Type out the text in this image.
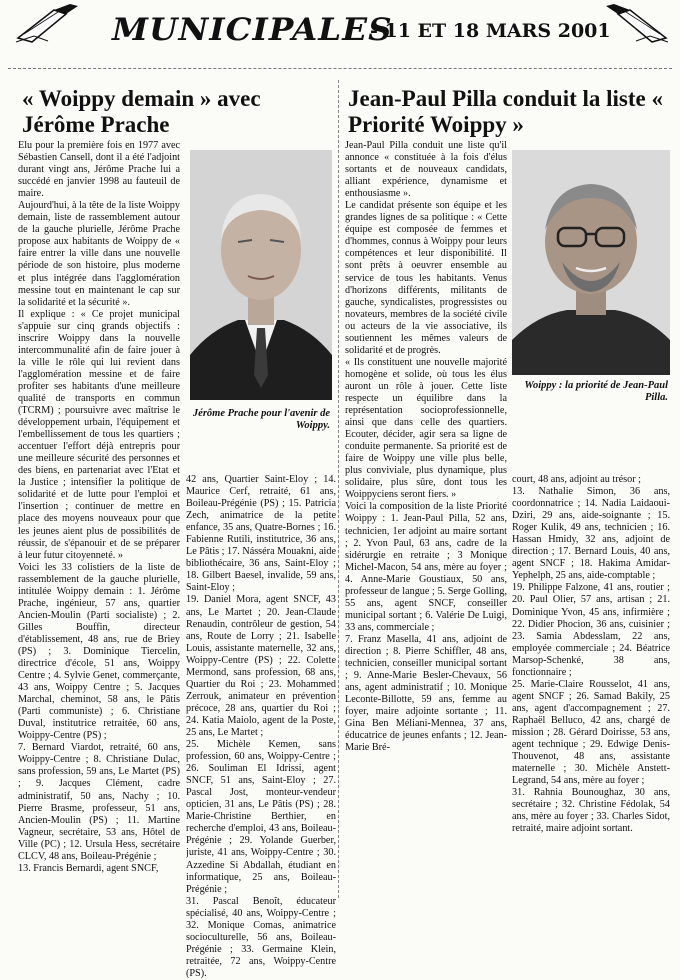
MUNICIPALES
- 11 ET 18 MARS 2001
« Woippy demain » avec Jérôme Prache
Elu pour la première fois en 1977 avec Sébastien Cansell, dont il a été l'adjoint durant vingt ans, Jérôme Prache lui a succédé en janvier 1998 au fauteuil de maire.
Aujourd'hui, à la tête de la liste Woippy demain, liste de rassemblement autour de la gauche plurielle, Jérôme Prache propose aux habitants de Woippy de « faire entrer la ville dans une nouvelle période de son histoire, plus moderne et plus intégrée dans l'agglomération messine tout en maintenant le cap sur la solidarité et la sécurité ».
Il explique : « Ce projet municipal s'appuie sur cinq grands objectifs : inscrire Woippy dans la nouvelle intercommunalité afin de faire jouer à la ville le rôle qui lui revient dans l'agglomération messine et de faire profiter ses habitants d'une meilleure qualité de transports en commun (TCRM) ; poursuivre avec maîtrise le développement urbain, l'équipement et l'embellissement de tous les quartiers ; accentuer l'effort déjà entrepris pour une meilleure sécurité des personnes et des biens, en partenariat avec l'Etat et la Justice ; intensifier la politique de solidarité et de lutte pour l'emploi et l'insertion ; continuer de mettre en place des moyens nouveaux pour que les jeunes aient plus de possibilités de réussir, de s'épanouir et de se préparer à leur futur citoyenneté. »
Voici les 33 colistiers de la liste de rassemblement de la gauche plurielle, intitulée Woippy demain : 1. Jérôme Prache, ingénieur, 57 ans, quartier Ancien-Moulin (Parti socialiste) ; 2. Gilles Bouffin, directeur d'établissement, 48 ans, rue de Briey (PS) ; 3. Dominique Tiercelin, directrice d'école, 51 ans, Woippy Centre ; 4. Sylvie Genet, commerçante, 43 ans, Woippy Centre ; 5. Jacques Marchal, cheminot, 58 ans, le Pâtis (Parti communiste) ; 6. Christiane Duval, institutrice retraitée, 60 ans, Woippy-Centre (PS) ;
7. Bernard Viardot, retraité, 60 ans, Woippy-Centre ; 8. Christiane Dulac, sans profession, 59 ans, Le Martet (PS) ; 9. Jacques Clément, cadre administratif, 50 ans, Nachy ; 10. Pierre Brasme, professeur, 51 ans, Ancien-Moulin (PS) ; 11. Martine Vagneur, secrétaire, 53 ans, Hôtel de Ville (PC) ; 12. Ursula Hess, secrétaire CLCV, 48 ans, Boileau-Prégénie ;
13. Francis Bernardi, agent SNCF,
Jérôme Prache pour l'avenir de Woippy.
42 ans, Quartier Saint-Eloy ; 14. Maurice Cerf, retraité, 61 ans, Boileau-Prégénie (PS) ; 15. Patricia Zech, animatrice de la petite enfance, 35 ans, Quatre-Bornes ; 16. Fabienne Rutili, institutrice, 36 ans, Le Pâtis ; 17. Násséra Mouakni, aide bibliothécaire, 36 ans, Saint-Eloy ; 18. Gilbert Baesel, invalide, 59 ans, Saint-Eloy ;
19. Daniel Mora, agent SNCF, 43 ans, Le Martet ; 20. Jean-Claude Renaudin, contrôleur de gestion, 54 ans, Route de Lorry ; 21. Isabelle Louis, assistante maternelle, 32 ans, Woippy-Centre (PS) ; 22. Colette Mermond, sans profession, 68 ans, Quartier du Roi ; 23. Mohammed Zerrouk, animateur en prévention précoce, 28 ans, quartier du Roi ; 24. Katia Maiolo, agent de la Poste, 25 ans, Le Martet ;
25. Michèle Kemen, sans profession, 60 ans, Woippy-Centre ; 26. Souliman El Idrissi, agent SNCF, 51 ans, Saint-Eloy ; 27. Pascal Jost, monteur-vendeur opticien, 31 ans, Le Pâtis (PS) ; 28. Marie-Christine Berthier, en recherche d'emploi, 43 ans, Boileau-Prégénie ; 29. Yolande Guerber, juriste, 41 ans, Woippy-Centre ; 30. Azzedine Si Abdallah, étudiant en informatique, 25 ans, Boileau-Prégénie ;
31. Pascal Benoît, éducateur spécialisé, 40 ans, Woippy-Centre ; 32. Monique Comas, animatrice socioculturelle, 56 ans, Boileau-Prégénie ; 33. Germaine Klein, retraitée, 72 ans, Woippy-Centre (PS).
Jean-Paul Pilla conduit la liste « Priorité Woippy »
Jean-Paul Pilla conduit une liste qu'il annonce « constituée à la fois d'élus sortants et de nouveaux candidats, alliant expérience, dynamisme et enthousiasme ».
Le candidat présente son équipe et les grandes lignes de sa politique : « Cette équipe est composée de femmes et d'hommes, connus à Woippy pour leurs compétences et leur disponibilité. Il sont prêts à oeuvrer ensemble au service de tous les habitants. Venus d'horizons différents, militants de gauche, syndicalistes, progressistes ou novateurs, membres de la société civile ou acteurs de la vie associative, ils soutiennent les mêmes valeurs de solidarité et de progrès.
« Ils constituent une nouvelle majorité homogène et solide, où tous les élus auront un rôle à jouer. Cette liste respecte un équilibre dans la représentation socioprofessionnelle, ainsi que dans celle des quartiers. Ecouter, décider, agir sera sa ligne de conduite permanente. Sa priorité est de faire de Woippy une ville plus belle, plus conviviale, plus dynamique, plus solidaire, plus sûre, dont tous les Woippyciens seront fiers. »
Voici la composition de la liste Priorité Woippy : 1. Jean-Paul Pilla, 52 ans, technicien, 1er adjoint au maire sortant ; 2. Yvon Paul, 63 ans, cadre de la sidérurgie en retraite ; 3 Monique Michel-Macon, 54 ans, mère au foyer ; 4. Anne-Marie Goustiaux, 50 ans, professeur de langue ; 5. Serge Golling, 55 ans, agent SNCF, conseiller municipal sortant ; 6. Valérie De Luigi, 33 ans, commerciale ;
7. Franz Masella, 41 ans, adjoint de direction ; 8. Pierre Schiffler, 48 ans, technicien, conseiller municipal sortant ; 9. Anne-Marie Besler-Chevaux, 56 ans, agent administratif ; 10. Monique Leconte-Billotte, 59 ans, femme au foyer, maire adjointe sortante ; 11. Gina Ben Méliani-Mennea, 37 ans, éducatrice de jeunes enfants ; 12. Jean-Marie Bré-
Woippy : la priorité de Jean-Paul Pilla.
court, 48 ans, adjoint au trésor ;
13. Nathalie Simon, 36 ans, coordonnatrice ; 14. Nadia Laidaoui-Dziri, 29 ans, aide-soignante ; 15. Roger Kulik, 49 ans, technicien ; 16. Hassan Hmidy, 32 ans, adjoint de direction ; 17. Bernard Louis, 40 ans, agent SNCF ; 18. Hakima Amidar-Yephelph, 25 ans, aide-comptable ;
19. Philippe Falzone, 41 ans, routier ; 20. Paul Olier, 57 ans, artisan ; 21. Dominique Yvon, 45 ans, infirmière ; 22. Didier Phocion, 36 ans, cuisinier ; 23. Samia Abdesslam, 22 ans, employée commerciale ; 24. Béatrice Marsop-Schenké, 38 ans, fonctionnaire ;
25. Marie-Claire Rousselot, 41 ans, agent SNCF ; 26. Samad Bakily, 25 ans, agent d'accompagnement ; 27. Raphaël Belluco, 42 ans, chargé de mission ; 28. Gérard Doirisse, 53 ans, agent technique ; 29. Edwige Denis-Thouvenot, 48 ans, assistante maternelle ; 30. Michèle Anstett-Legrand, 54 ans, mère au foyer ;
31. Rahnia Bounoughaz, 30 ans, secrétaire ; 32. Christine Fédolak, 54 ans, mère au foyer ; 33. Charles Sidot, retraité, maire adjoint sortant.
